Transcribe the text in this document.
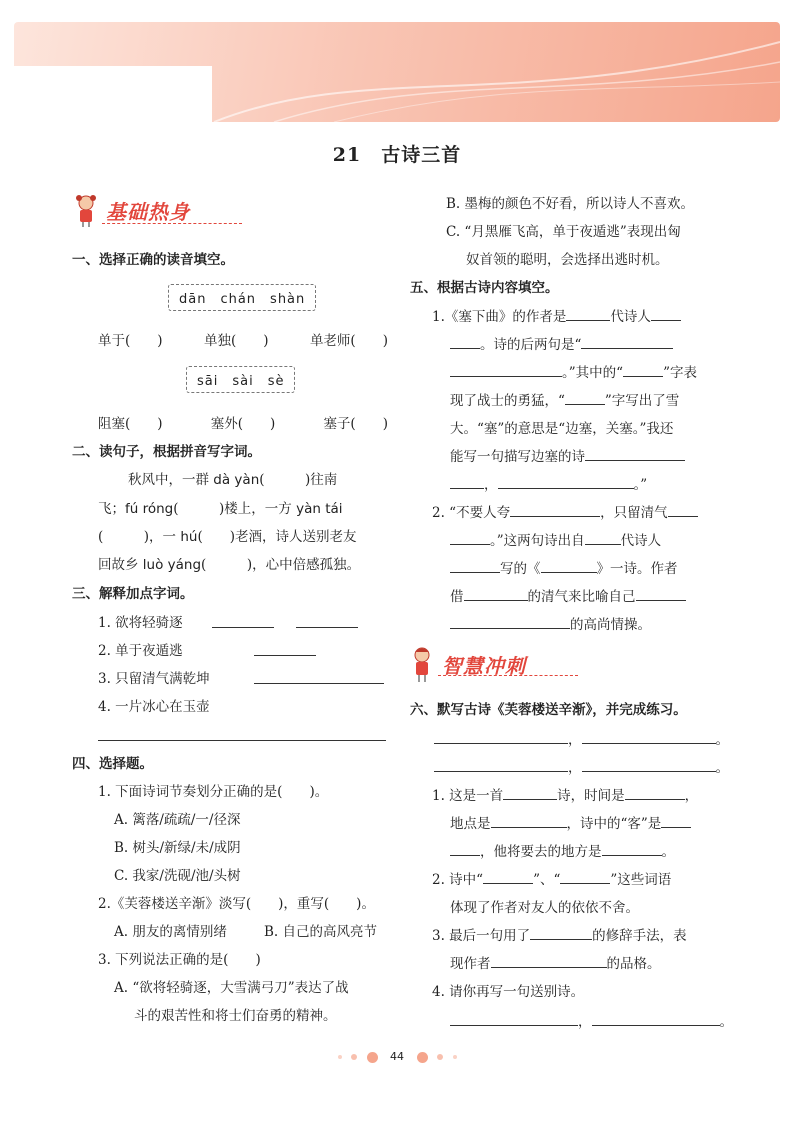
21　古诗三首
基础热身
一、选择正确的读音填空。
dān　chán　shàn
单于(　　)	单独(　　)	单老师(　　)
sāi　sài　sè
阻塞(　　)	塞外(　　)	塞子(　　)
二、读句子，根据拼音写字词。
秋风中，一群 dà yàn(　　　)往南
飞；fú róng(　　　)楼上，一方 yàn tái
(　　　)，一 hú(　　)老酒，诗人送别老友
回故乡 luò yáng(　　　)，心中倍感孤独。
三、解释加点字词。
1. 欲将轻骑逐
2. 单于夜遁逃
3. 只留清气满乾坤
4. 一片冰心在玉壶
四、选择题。
1. 下面诗词节奏划分正确的是(　　)。
A. 篱落/疏疏/一/径深
B. 树头/新绿/未/成阴
C. 我家/洗砚/池/头树
2.《芙蓉楼送辛渐》淡写(　　)，重写(　　)。
A. 朋友的离情别绪	B. 自己的高风亮节
3. 下列说法正确的是(　　)
A. “欲将轻骑逐，大雪满弓刀”表达了战
斗的艰苦性和将士们奋勇的精神。
B. 墨梅的颜色不好看，所以诗人不喜欢。
C. “月黑雁飞高，单于夜遁逃”表现出匈
奴首领的聪明，会选择出逃时机。
五、根据古诗内容填空。
1.《塞下曲》的作者是	代诗人
。诗的后两句是“
。”其中的“	”字表
现了战士的勇猛，“	”字写出了雪
大。“塞”的意思是“边塞，关塞。”我还
能写一句描写边塞的诗
，	。”
2. “不要人夸	，只留清气
。”这两句诗出自	代诗人
写的《	》一诗。作者
借	的清气来比喻自己
的高尚情操。
智慧冲刺
六、默写古诗《芙蓉楼送辛渐》，并完成练习。
，	。
，	。
1. 这是一首	诗，时间是	，
地点是	，诗中的“客”是
，他将要去的地方是	。
2. 诗中“	”、“	”这些词语
体现了作者对友人的依依不舍。
3. 最后一句用了	的修辞手法，表
现作者	的品格。
4. 请你再写一句送别诗。
，	。
44
